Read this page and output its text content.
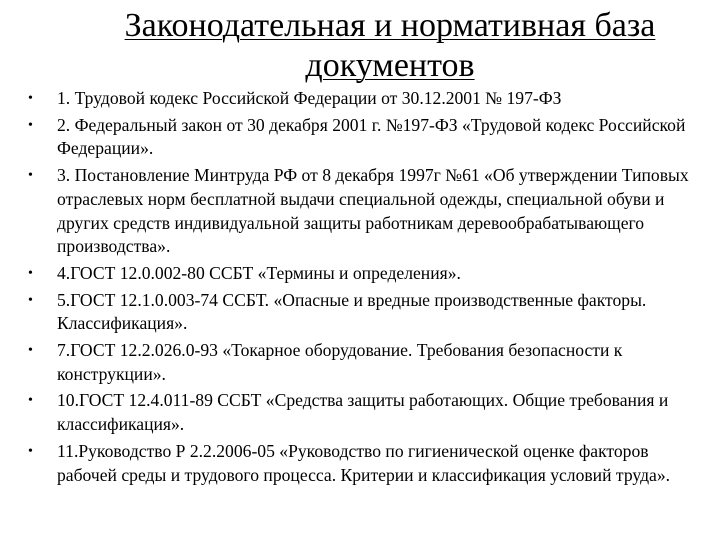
Законодательная и нормативная база документов
• 1. Трудовой кодекс Российской Федерации от 30.12.2001 № 197-ФЗ
• 2. Федеральный закон от 30 декабря 2001 г. №197-ФЗ «Трудовой кодекс Российской Федерации».
• 3. Постановление Минтруда РФ от 8 декабря 1997г №61 «Об утверждении Типовых отраслевых норм бесплатной выдачи специальной одежды, специальной обуви и других средств индивидуальной защиты работникам деревообрабатывающего производства».
• 4.ГОСТ 12.0.002-80 ССБТ «Термины и определения».
• 5.ГОСТ 12.1.0.003-74 ССБТ. «Опасные и вредные производственные факторы. Классификация».
• 7.ГОСТ 12.2.026.0-93 «Токарное оборудование. Требования безопасности к конструкции».
• 10.ГОСТ 12.4.011-89 ССБТ «Средства защиты работающих. Общие требования и классификация».
• 11.Руководство Р 2.2.2006-05 «Руководство по гигиенической оценке факторов рабочей среды и трудового процесса. Критерии и классификация условий труда».
